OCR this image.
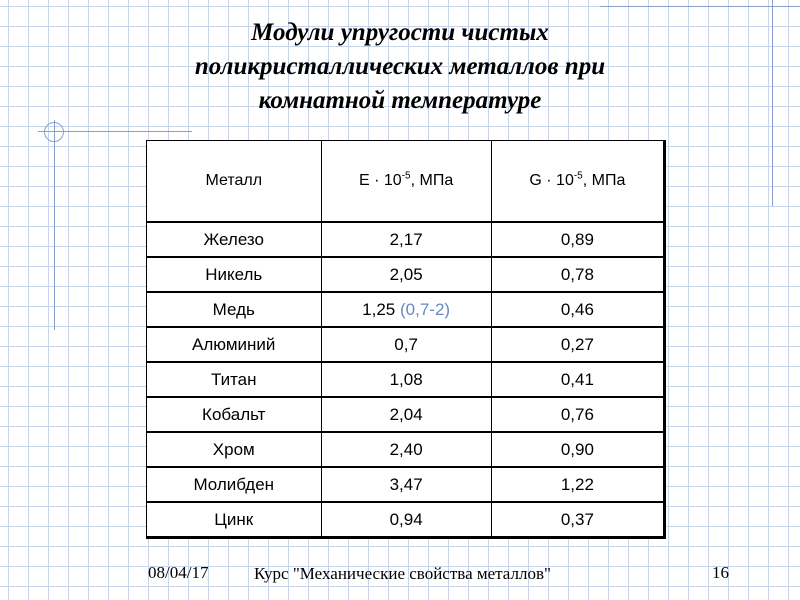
Модули упругости чистых
поликристаллических металлов при
комнатной температуре
Металл	$E \cdot 10^{-5}$, МПа	$G \cdot 10^{-5}$, МПа
Железо	2,17	0,89
Никель	2,05	0,78
Медь	1,25 (0,7-2)	0,46
Алюминий	0,7	0,27
Титан	1,08	0,41
Кобальт	2,04	0,76
Хром	2,40	0,90
Молибден	3,47	1,22
Цинк	0,94	0,37
08/04/17	Курс "Механические свойства металлов"	16
